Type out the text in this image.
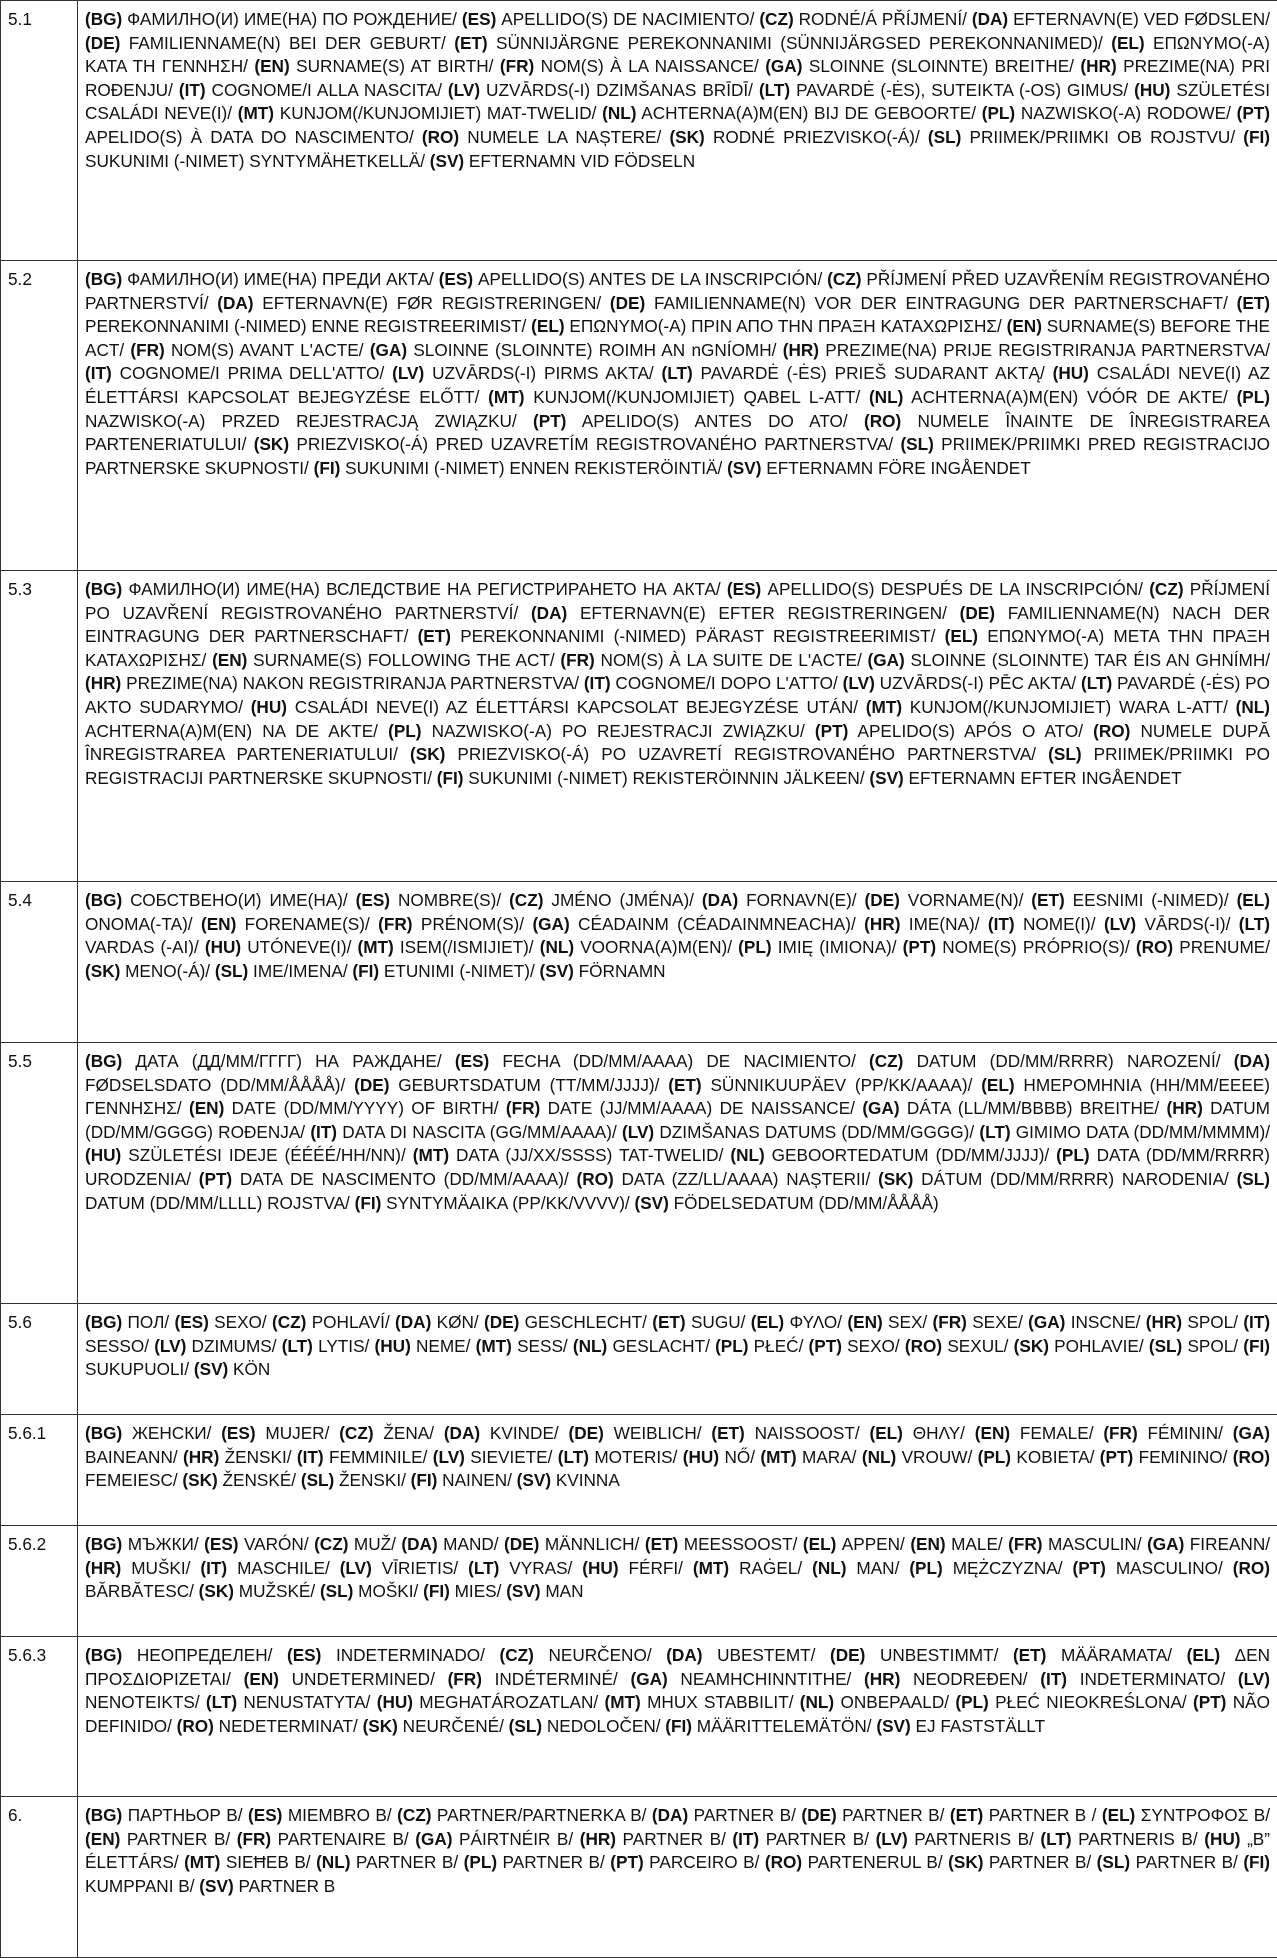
5.1	(BG) ФАМИЛНО(И) ИМЕ(НА) ПО РОЖДЕНИЕ/ (ES) APELLIDO(S) DE NACIMIENTO/ (CZ) RODNÉ/Á PŘÍJMENÍ/ (DA) EFTERNAVN(E) VED FØDSLEN/ (DE) FAMILIENNAME(N) BEI DER GEBURT/ (ET) SÜNNIJÄRGNE PEREKONNANIMI (SÜNNIJÄRGSED PEREKONNANIMED)/ (EL) ΕΠΩΝΥΜΟ(-Α) ΚΑΤΑ ΤΗ ΓΕΝΝΗΣΗ/ (EN) SURNAME(S) AT BIRTH/ (FR) NOM(S) À LA NAISSANCE/ (GA) SLOINNE (SLOINNTE) BREITHE/ (HR) PREZIME(NA) PRI ROĐENJU/ (IT) COGNOME/I ALLA NASCITA/ (LV) UZVĀRDS(-I) DZIMŠANAS BRĪDĪ/ (LT) PAVARDĖ (-ĖS), SUTEIKTA (-OS) GIMUS/ (HU) SZÜLETÉSI CSALÁDI NEVE(I)/ (MT) KUNJOM(/KUNJOMIJIET) MAT-TWELID/ (NL) ACHTERNA(A)M(EN) BIJ DE GEBOORTE/ (PL) NAZWISKO(-A) RODOWE/ (PT) APELIDO(S) À DATA DO NASCIMENTO/ (RO) NUMELE LA NAȘTERE/ (SK) RODNÉ PRIEZVISKO(-Á)/ (SL) PRIIMEK/PRIIMKI OB ROJSTVU/ (FI) SUKUNIMI (-NIMET) SYNTYMÄHETKELLÄ/ (SV) EFTERNAMN VID FÖDSELN
5.2	(BG) ФАМИЛНО(И) ИМЕ(НА) ПРЕДИ АКТА/ (ES) APELLIDO(S) ANTES DE LA INSCRIPCIÓN/ (CZ) PŘÍJMENÍ PŘED UZAVŘENÍM REGISTROVANÉHO PARTNERSTVÍ/ (DA) EFTERNAVN(E) FØR REGISTRERINGEN/ (DE) FAMILIENNAME(N) VOR DER EINTRAGUNG DER PARTNERSCHAFT/ (ET) PEREKONNANIMI (-NIMED) ENNE REGISTREERIMIST/ (EL) ΕΠΩΝΥΜΟ(-Α) ΠΡΙΝ ΑΠΟ ΤΗΝ ΠΡΑΞΗ ΚΑΤΑΧΩΡΙΣΗΣ/ (EN) SURNAME(S) BEFORE THE ACT/ (FR) NOM(S) AVANT L'ACTE/ (GA) SLOINNE (SLOINNTE) ROIMH AN nGNÍOMH/ (HR) PREZIME(NA) PRIJE REGISTRIRANJA PARTNERSTVA/ (IT) COGNOME/I PRIMA DELL'ATTO/ (LV) UZVĀRDS(-I) PIRMS AKTA/ (LT) PAVARDĖ (-ĖS) PRIEŠ SUDARANT AKTĄ/ (HU) CSALÁDI NEVE(I) AZ ÉLETTÁRSI KAPCSOLAT BEJEGYZÉSE ELŐTT/ (MT) KUNJOM(/KUNJOMIJIET) QABEL L-ATT/ (NL) ACHTERNA(A)M(EN) VÓÓR DE AKTE/ (PL) NAZWISKO(-A) PRZED REJESTRACJĄ ZWIĄZKU/ (PT) APELIDO(S) ANTES DO ATO/ (RO) NUMELE ÎNAINTE DE ÎNREGISTRAREA PARTENERIATULUI/ (SK) PRIEZVISKO(-Á) PRED UZAVRETÍM REGISTROVANÉHO PARTNERSTVA/ (SL) PRIIMEK/PRIIMKI PRED REGISTRACIJO PARTNERSKE SKUPNOSTI/ (FI) SUKUNIMI (-NIMET) ENNEN REKISTERÖINTIÄ/ (SV) EFTERNAMN FÖRE INGÅENDET
5.3	(BG) ФАМИЛНО(И) ИМЕ(НА) ВСЛЕДСТВИЕ НА РЕГИСТРИРАНЕТО НА АКТА/ (ES) APELLIDO(S) DESPUÉS DE LA INSCRIPCIÓN/ (CZ) PŘÍJMENÍ PO UZAVŘENÍ REGISTROVANÉHO PARTNERSTVÍ/ (DA) EFTERNAVN(E) EFTER REGISTRERINGEN/ (DE) FAMILIENNAME(N) NACH DER EINTRAGUNG DER PARTNERSCHAFT/ (ET) PEREKONNANIMI (-NIMED) PÄRAST REGISTREERIMIST/ (EL) ΕΠΩΝΥΜΟ(-Α) ΜΕΤΑ ΤΗΝ ΠΡΑΞΗ ΚΑΤΑΧΩΡΙΣΗΣ/ (EN) SURNAME(S) FOLLOWING THE ACT/ (FR) NOM(S) À LA SUITE DE L'ACTE/ (GA) SLOINNE (SLOINNTE) TAR ÉIS AN GHNÍMH/ (HR) PREZIME(NA) NAKON REGISTRIRANJA PARTNERSTVA/ (IT) COGNOME/I DOPO L'ATTO/ (LV) UZVĀRDS(-I) PĒC AKTA/ (LT) PAVARDĖ (-ĖS) PO AKTO SUDARYMO/ (HU) CSALÁDI NEVE(I) AZ ÉLETTÁRSI KAPCSOLAT BEJEGYZÉSE UTÁN/ (MT) KUNJOM(/KUNJOMIJIET) WARA L-ATT/ (NL) ACHTERNA(A)M(EN) NA DE AKTE/ (PL) NAZWISKO(-A) PO REJESTRACJI ZWIĄZKU/ (PT) APELIDO(S) APÓS O ATO/ (RO) NUMELE DUPĂ ÎNREGISTRAREA PARTENERIATULUI/ (SK) PRIEZVISKO(-Á) PO UZAVRETÍ REGISTROVANÉHO PARTNERSTVA/ (SL) PRIIMEK/PRIIMKI PO REGISTRACIJI PARTNERSKE SKUPNOSTI/ (FI) SUKUNIMI (-NIMET) REKISTERÖINNIN JÄLKEEN/ (SV) EFTERNAMN EFTER INGÅENDET
5.4	(BG) СОБСТВЕНО(И) ИМЕ(НА)/ (ES) NOMBRE(S)/ (CZ) JMÉNO (JMÉNA)/ (DA) FORNAVN(E)/ (DE) VORNAME(N)/ (ET) EESNIMI (-NIMED)/ (EL) ΟΝΟΜΑ(-ΤΑ)/ (EN) FORENAME(S)/ (FR) PRÉNOM(S)/ (GA) CÉADAINM (CÉADAINMNEACHA)/ (HR) IME(NA)/ (IT) NOME(I)/ (LV) VĀRDS(-I)/ (LT) VARDAS (-AI)/ (HU) UTÓNEVE(I)/ (MT) ISEM(/ISMIJIET)/ (NL) VOORNA(A)M(EN)/ (PL) IMIĘ (IMIONA)/ (PT) NOME(S) PRÓPRIO(S)/ (RO) PRENUME/ (SK) MENO(-Á)/ (SL) IME/IMENA/ (FI) ETUNIMI (-NIMET)/ (SV) FÖRNAMN
5.5	(BG) ДАТА (ДД/ММ/ГГГГ) НА РАЖДАНЕ/ (ES) FECHA (DD/MM/AAAA) DE NACIMIENTO/ (CZ) DATUM (DD/MM/RRRR) NAROZENÍ/ (DA) FØDSELSDATO (DD/MM/ÅÅÅÅ)/ (DE) GEBURTSDATUM (TT/MM/JJJJ)/ (ET) SÜNNIKUUPÄEV (PP/KK/AAAA)/ (EL) ΗΜΕΡΟΜΗΝΙΑ (ΗΗ/ΜΜ/ΕΕΕΕ) ΓΕΝΝΗΣΗΣ/ (EN) DATE (DD/MM/YYYY) OF BIRTH/ (FR) DATE (JJ/MM/AAAA) DE NAISSANCE/ (GA) DÁTA (LL/MM/BBBB) BREITHE/ (HR) DATUM (DD/MM/GGGG) ROĐENJA/ (IT) DATA DI NASCITA (GG/MM/AAAA)/ (LV) DZIMŠANAS DATUMS (DD/MM/GGGG)/ (LT) GIMIMO DATA (DD/MM/MMMM)/ (HU) SZÜLETÉSI IDEJE (ÉÉÉÉ/HH/NN)/ (MT) DATA (JJ/XX/SSSS) TAT-TWELID/ (NL) GEBOORTEDATUM (DD/MM/JJJJ)/ (PL) DATA (DD/MM/RRRR) URODZENIA/ (PT) DATA DE NASCIMENTO (DD/MM/AAAA)/ (RO) DATA (ZZ/LL/AAAA) NAȘTERII/ (SK) DÁTUM (DD/MM/RRRR) NARODENIA/ (SL) DATUM (DD/MM/LLLL) ROJSTVA/ (FI) SYNTYMÄAIKA (PP/KK/VVVV)/ (SV) FÖDELSEDATUM (DD/MM/ÅÅÅÅ)
5.6	(BG) ПОЛ/ (ES) SEXO/ (CZ) POHLAVÍ/ (DA) KØN/ (DE) GESCHLECHT/ (ET) SUGU/ (EL) ΦΥΛΟ/ (EN) SEX/ (FR) SEXE/ (GA) INSCNE/ (HR) SPOL/ (IT) SESSO/ (LV) DZIMUMS/ (LT) LYTIS/ (HU) NEME/ (MT) SESS/ (NL) GESLACHT/ (PL) PŁEĆ/ (PT) SEXO/ (RO) SEXUL/ (SK) POHLAVIE/ (SL) SPOL/ (FI) SUKUPUOLI/ (SV) KÖN
5.6.1	(BG) ЖЕНСКИ/ (ES) MUJER/ (CZ) ŽENA/ (DA) KVINDE/ (DE) WEIBLICH/ (ET) NAISSOOST/ (EL) ΘΗΛΥ/ (EN) FEMALE/ (FR) FÉMININ/ (GA) BAINEANN/ (HR) ŽENSKI/ (IT) FEMMINILE/ (LV) SIEVIETE/ (LT) MOTERIS/ (HU) NŐ/ (MT) MARA/ (NL) VROUW/ (PL) KOBIETA/ (PT) FEMININO/ (RO) FEMEIESC/ (SK) ŽENSKÉ/ (SL) ŽENSKI/ (FI) NAINEN/ (SV) KVINNA
5.6.2	(BG) МЪЖКИ/ (ES) VARÓN/ (CZ) MUŽ/ (DA) MAND/ (DE) MÄNNLICH/ (ET) MEESSOOST/ (EL) ΑΡΡΕΝ/ (EN) MALE/ (FR) MASCULIN/ (GA) FIREANN/ (HR) MUŠKI/ (IT) MASCHILE/ (LV) VĪRIETIS/ (LT) VYRAS/ (HU) FÉRFI/ (MT) RAĠEL/ (NL) MAN/ (PL) MĘŻCZYZNA/ (PT) MASCULINO/ (RO) BĂRBĂTESC/ (SK) MUŽSKÉ/ (SL) MOŠKI/ (FI) MIES/ (SV) MAN
5.6.3	(BG) НЕОПРЕДЕЛЕН/ (ES) INDETERMINADO/ (CZ) NEURČENO/ (DA) UBESTEMT/ (DE) UNBESTIMMT/ (ET) MÄÄRAMATA/ (EL) ΔΕΝ ΠΡΟΣΔΙΟΡΙΖΕΤΑΙ/ (EN) UNDETERMINED/ (FR) INDÉTERMINÉ/ (GA) NEAMHCHINNTITHE/ (HR) NEODREĐEN/ (IT) INDETERMINATO/ (LV) NENOTEIKTS/ (LT) NENUSTATYTA/ (HU) MEGHATÁROZATLAN/ (MT) MHUX STABBILIT/ (NL) ONBEPAALD/ (PL) PŁEĆ NIEOKREŚLONA/ (PT) NÃO DEFINIDO/ (RO) NEDETERMINAT/ (SK) NEURČENÉ/ (SL) NEDOLOČEN/ (FI) MÄÄRITTELEMÄTÖN/ (SV) EJ FASTSTÄLLT
6.	(BG) ПАРТНЬОР В/ (ES) MIEMBRO B/ (CZ) PARTNER/PARTNERKA B/ (DA) PARTNER B/ (DE) PARTNER B/ (ET) PARTNER B / (EL) ΣΥΝΤΡΟΦΟΣ Β/ (EN) PARTNER B/ (FR) PARTENAIRE B/ (GA) PÁIRTNÉIR B/ (HR) PARTNER B/ (IT) PARTNER B/ (LV) PARTNERIS B/ (LT) PARTNERIS B/ (HU) „B” ÉLETTÁRS/ (MT) SIEĦEB B/ (NL) PARTNER B/ (PL) PARTNER B/ (PT) PARCEIRO B/ (RO) PARTENERUL B/ (SK) PARTNER B/ (SL) PARTNER B/ (FI) KUMPPANI B/ (SV) PARTNER B
